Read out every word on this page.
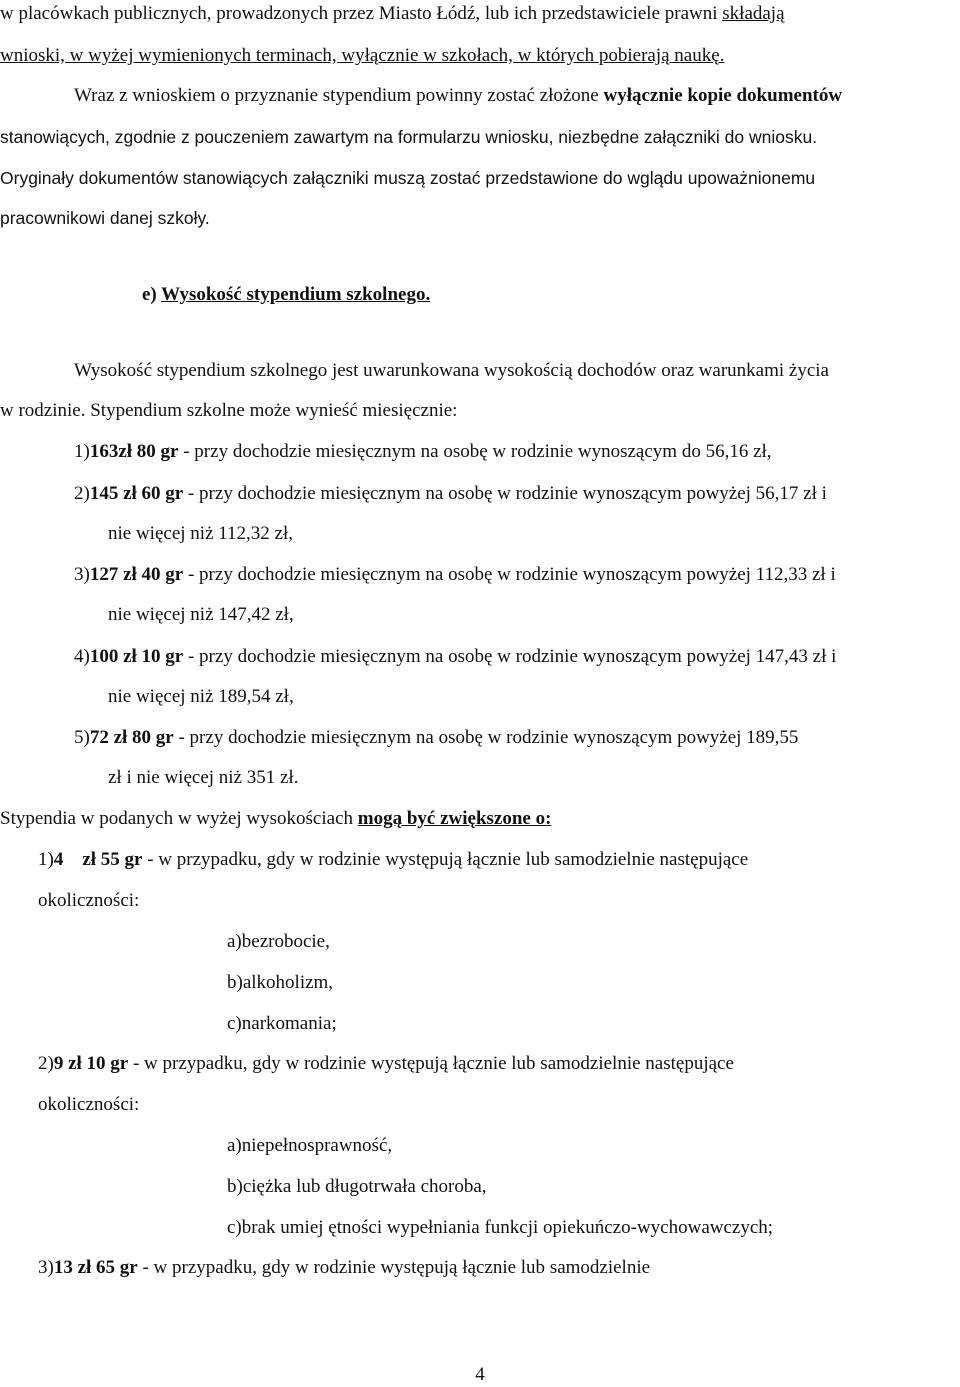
w placówkach publicznych, prowadzonych przez Miasto Łódź, lub ich przedstawiciele prawni składają
wnioski, w wyżej wymienionych terminach, wyłącznie w szkołach, w których pobierają naukę.
Wraz z wnioskiem o przyznanie stypendium powinny zostać złożone wyłącznie kopie dokumentów
stanowiących, zgodnie z pouczeniem zawartym na formularzu wniosku, niezbędne załączniki do wniosku.
Oryginały dokumentów stanowiących załączniki muszą zostać przedstawione do wglądu upoważnionemu
pracownikowi danej szkoły.
e) Wysokość stypendium szkolnego.
Wysokość stypendium szkolnego jest uwarunkowana wysokością dochodów oraz warunkami życia
w rodzinie. Stypendium szkolne może wynieść miesięcznie:
1)163zł 80 gr - przy dochodzie miesięcznym na osobę w rodzinie wynoszącym do 56,16 zł,
2)145 zł 60 gr - przy dochodzie miesięcznym na osobę w rodzinie wynoszącym powyżej 56,17 zł i
nie więcej niż 112,32 zł,
3)127 zł 40 gr - przy dochodzie miesięcznym na osobę w rodzinie wynoszącym powyżej 112,33 zł i
nie więcej niż 147,42 zł,
4)100 zł 10 gr - przy dochodzie miesięcznym na osobę w rodzinie wynoszącym powyżej 147,43 zł i
nie więcej niż 189,54 zł,
5)72 zł 80 gr - przy dochodzie miesięcznym na osobę w rodzinie wynoszącym powyżej 189,55
zł i nie więcej niż 351 zł.
Stypendia w podanych w wyżej wysokościach mogą być zwiększone o:
1)4    zł 55 gr - w przypadku, gdy w rodzinie występują łącznie lub samodzielnie następujące
okoliczności:
a)bezrobocie,
b)alkoholizm,
c)narkomania;
2)9 zł 10 gr - w przypadku, gdy w rodzinie występują łącznie lub samodzielnie następujące
okoliczności:
a)niepełnosprawność,
b)ciężka lub długotrwała choroba,
c)brak umiej ętności wypełniania funkcji opiekuńczo-wychowawczych;
3)13 zł 65 gr - w przypadku, gdy w rodzinie występują łącznie lub samodzielnie
4
